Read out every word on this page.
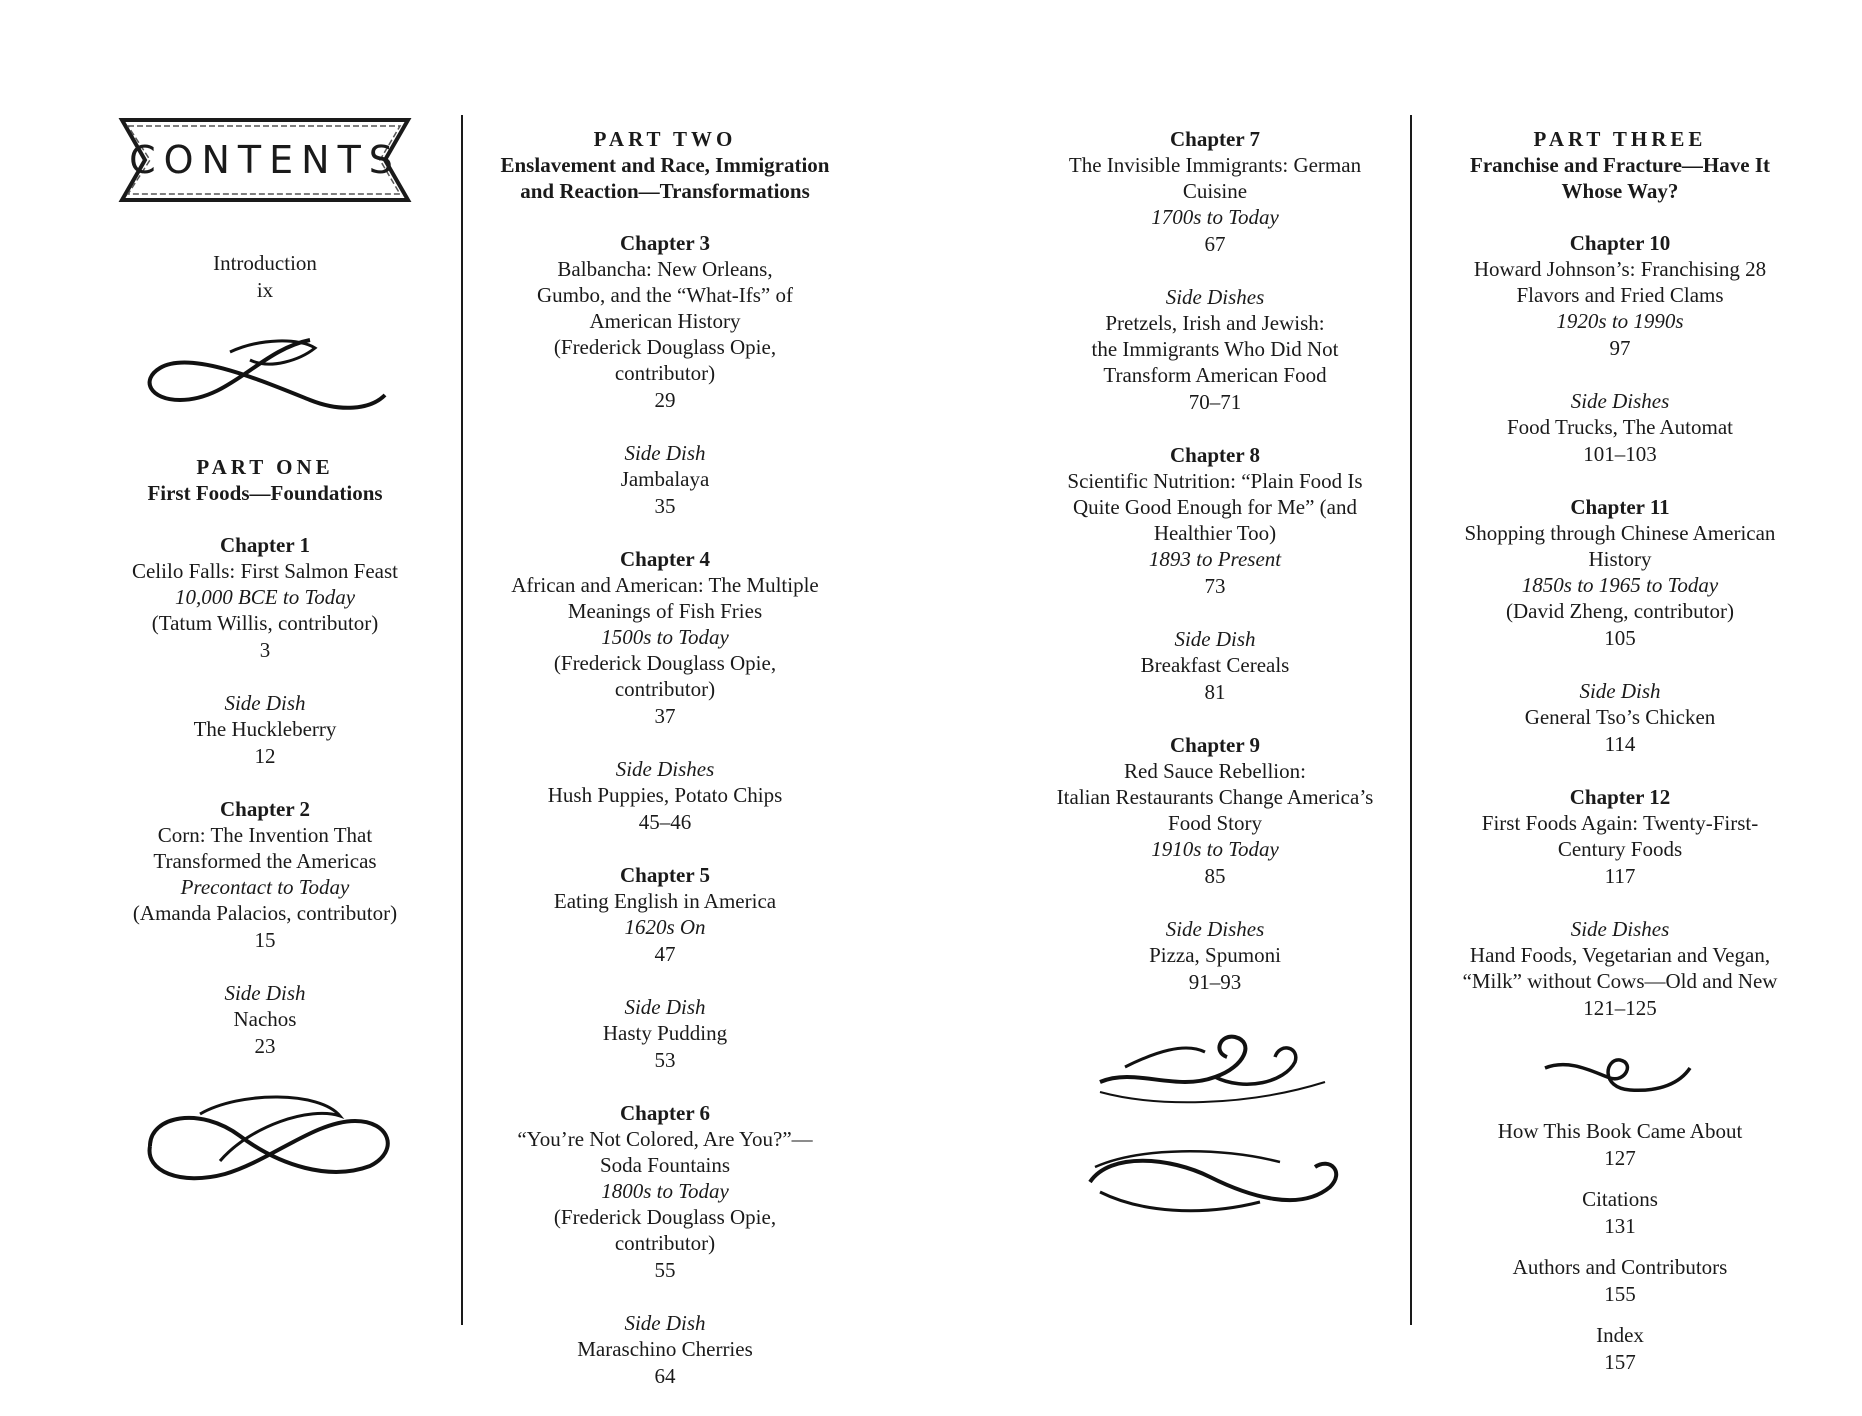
CONTENTS
Introduction
ix
PART ONE
First Foods—Foundations
Chapter 1
Celilo Falls: First Salmon Feast
10,000 BCE to Today
(Tatum Willis, contributor)
3
Side Dish
The Huckleberry
12
Chapter 2
Corn: The Invention That
Transformed the Americas
Precontact to Today
(Amanda Palacios, contributor)
15
Side Dish
Nachos
23
PART TWO
Enslavement and Race, Immigration
and Reaction—Transformations
Chapter 3
Balbancha: New Orleans,
Gumbo, and the “What-Ifs” of
American History
(Frederick Douglass Opie,
contributor)
29
Side Dish
Jambalaya
35
Chapter 4
African and American: The Multiple
Meanings of Fish Fries
1500s to Today
(Frederick Douglass Opie,
contributor)
37
Side Dishes
Hush Puppies, Potato Chips
45–46
Chapter 5
Eating English in America
1620s On
47
Side Dish
Hasty Pudding
53
Chapter 6
“You’re Not Colored, Are You?”—
Soda Fountains
1800s to Today
(Frederick Douglass Opie,
contributor)
55
Side Dish
Maraschino Cherries
64
Chapter 7
The Invisible Immigrants: German
Cuisine
1700s to Today
67
Side Dishes
Pretzels, Irish and Jewish:
the Immigrants Who Did Not
Transform American Food
70–71
Chapter 8
Scientific Nutrition: “Plain Food Is
Quite Good Enough for Me” (and
Healthier Too)
1893 to Present
73
Side Dish
Breakfast Cereals
81
Chapter 9
Red Sauce Rebellion:
Italian Restaurants Change America’s
Food Story
1910s to Today
85
Side Dishes
Pizza, Spumoni
91–93
PART THREE
Franchise and Fracture—Have It
Whose Way?
Chapter 10
Howard Johnson’s: Franchising 28
Flavors and Fried Clams
1920s to 1990s
97
Side Dishes
Food Trucks, The Automat
101–103
Chapter 11
Shopping through Chinese American
History
1850s to 1965 to Today
(David Zheng, contributor)
105
Side Dish
General Tso’s Chicken
114
Chapter 12
First Foods Again: Twenty-First-
Century Foods
117
Side Dishes
Hand Foods, Vegetarian and Vegan,
“Milk” without Cows—Old and New
121–125
How This Book Came About
127
Citations
131
Authors and Contributors
155
Index
157
